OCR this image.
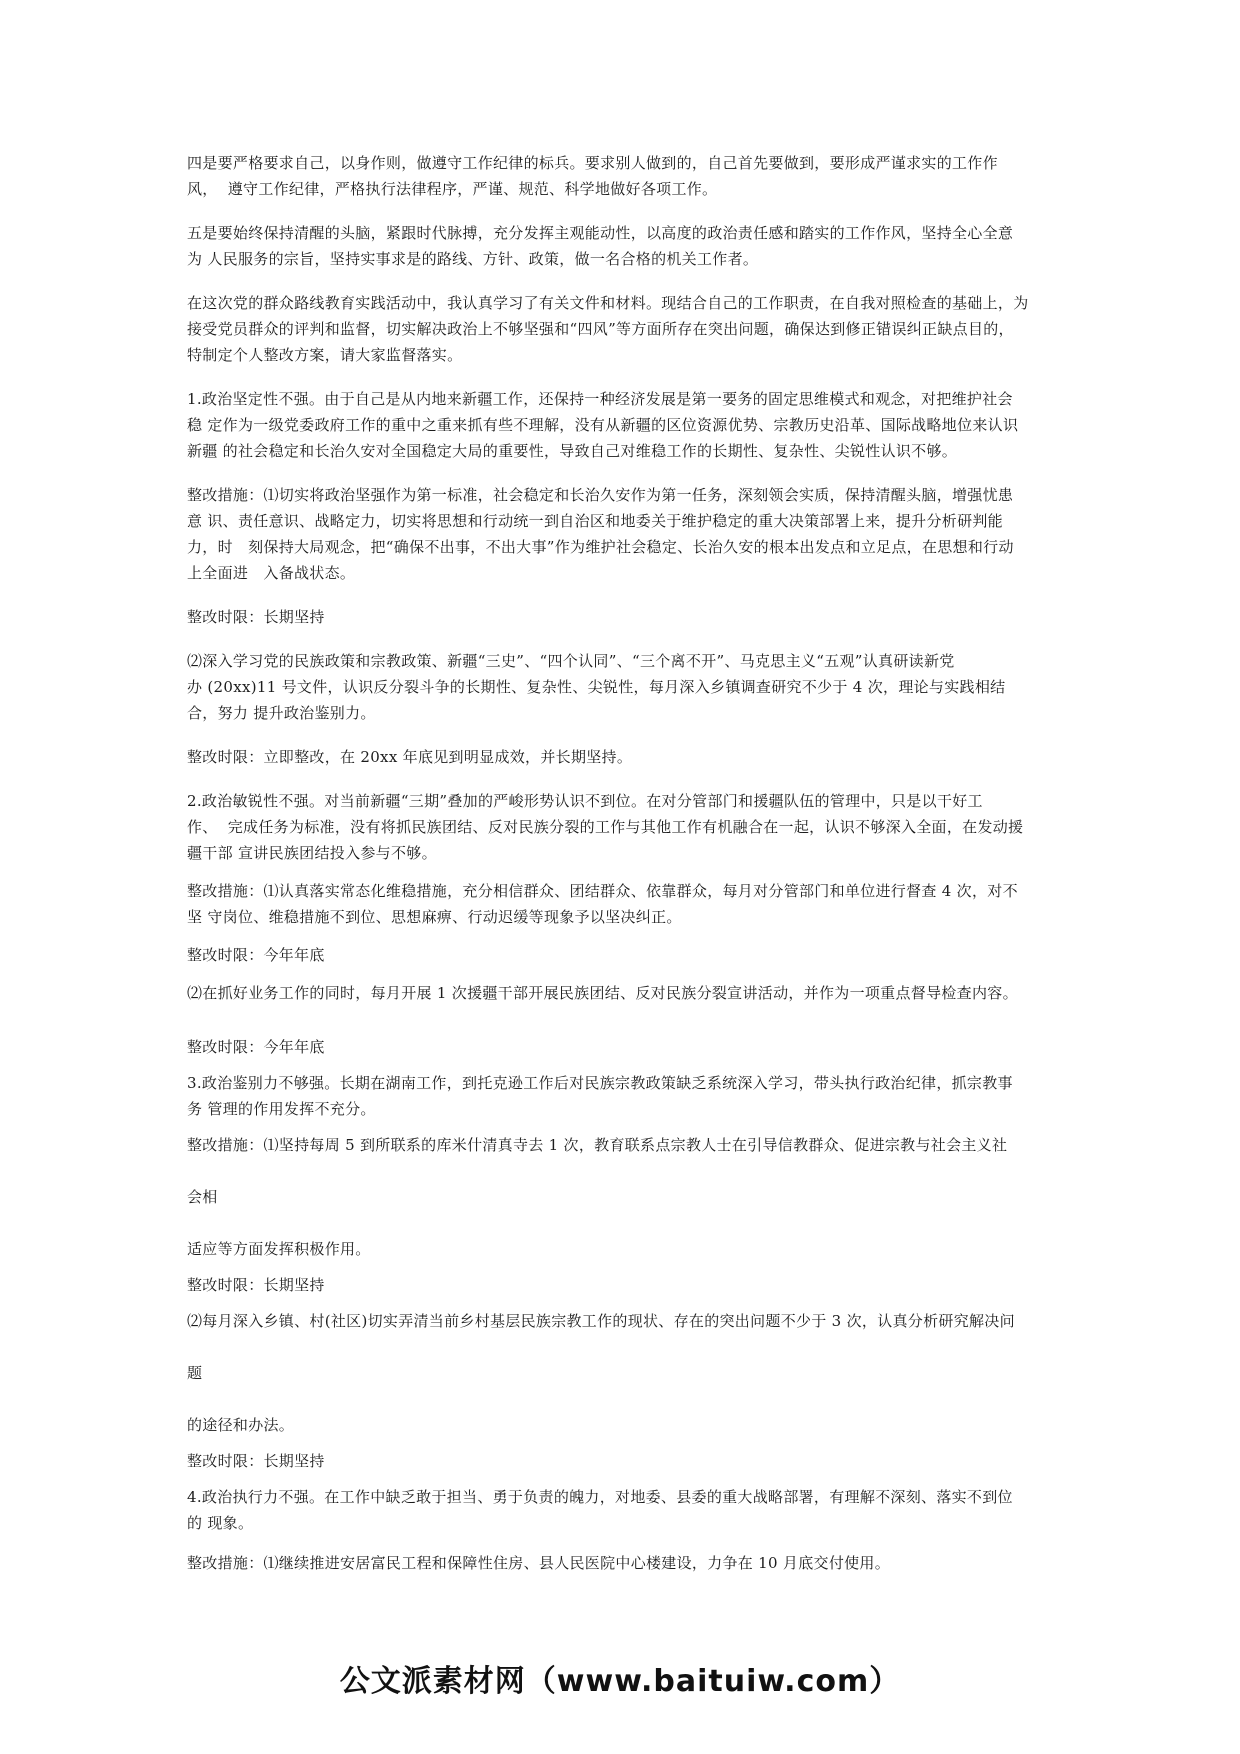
四是要严格要求自己，以身作则，做遵守工作纪律的标兵。要求别人做到的，自己首先要做到，要形成严谨求实的工作作
风，  遵守工作纪律，严格执行法律程序，严谨、规范、科学地做好各项工作。

五是要始终保持清醒的头脑，紧跟时代脉搏，充分发挥主观能动性，以高度的政治责任感和踏实的工作作风，坚持全心全意
为 人民服务的宗旨，坚持实事求是的路线、方针、政策，做一名合格的机关工作者。

在这次党的群众路线教育实践活动中，我认真学习了有关文件和材料。现结合自己的工作职责，在自我对照检查的基础上，为
接受党员群众的评判和监督，切实解决政治上不够坚强和“四风”等方面所存在突出问题，确保达到修正错误纠正缺点目的，
特制定个人整改方案，请大家监督落实。

1.政治坚定性不强。由于自己是从内地来新疆工作，还保持一种经济发展是第一要务的固定思维模式和观念，对把维护社会
稳 定作为一级党委政府工作的重中之重来抓有些不理解，没有从新疆的区位资源优势、宗教历史沿革、国际战略地位来认识
新疆 的社会稳定和长治久安对全国稳定大局的重要性，导致自己对维稳工作的长期性、复杂性、尖锐性认识不够。

整改措施：⑴切实将政治坚强作为第一标准，社会稳定和长治久安作为第一任务，深刻领会实质，保持清醒头脑，增强忧患
意 识、责任意识、战略定力，切实将思想和行动统一到自治区和地委关于维护稳定的重大决策部署上来，提升分析研判能
力，时   刻保持大局观念，把“确保不出事，不出大事”作为维护社会稳定、长治久安的根本出发点和立足点，在思想和行动
上全面进   入备战状态。

整改时限：长期坚持

⑵深入学习党的民族政策和宗教政策、新疆“三史”、“四个认同”、“三个离不开”、马克思主义“五观”认真研读新党
办 (20xx)11 号文件，认识反分裂斗争的长期性、复杂性、尖锐性，每月深入乡镇调查研究不少于 4 次，理论与实践相结
合，努力 提升政治鉴别力。

整改时限：立即整改，在 20xx 年底见到明显成效，并长期坚持。

2.政治敏锐性不强。对当前新疆“三期”叠加的严峻形势认识不到位。在对分管部门和援疆队伍的管理中，只是以干好工
作、  完成任务为标准，没有将抓民族团结、反对民族分裂的工作与其他工作有机融合在一起，认识不够深入全面，在发动援
疆干部 宣讲民族团结投入参与不够。

整改措施：⑴认真落实常态化维稳措施，充分相信群众、团结群众、依靠群众，每月对分管部门和单位进行督查 4 次，对不
坚 守岗位、维稳措施不到位、思想麻痹、行动迟缓等现象予以坚决纠正。

整改时限：今年年底

⑵在抓好业务工作的同时，每月开展 1 次援疆干部开展民族团结、反对民族分裂宣讲活动，并作为一项重点督导检查内容。

整改时限：今年年底

3.政治鉴别力不够强。长期在湖南工作，到托克逊工作后对民族宗教政策缺乏系统深入学习，带头执行政治纪律，抓宗教事
务 管理的作用发挥不充分。

整改措施：⑴坚持每周 5 到所联系的库米什清真寺去 1 次，教育联系点宗教人士在引导信教群众、促进宗教与社会主义社

会相

适应等方面发挥积极作用。

整改时限：长期坚持

⑵每月深入乡镇、村(社区)切实弄清当前乡村基层民族宗教工作的现状、存在的突出问题不少于 3 次，认真分析研究解决问

题

的途径和办法。

整改时限：长期坚持

4.政治执行力不强。在工作中缺乏敢于担当、勇于负责的魄力，对地委、县委的重大战略部署，有理解不深刻、落实不到位
的 现象。

整改措施：⑴继续推进安居富民工程和保障性住房、县人民医院中心楼建设，力争在 10 月底交付使用。

公文派素材网（www.baituiw.com）
